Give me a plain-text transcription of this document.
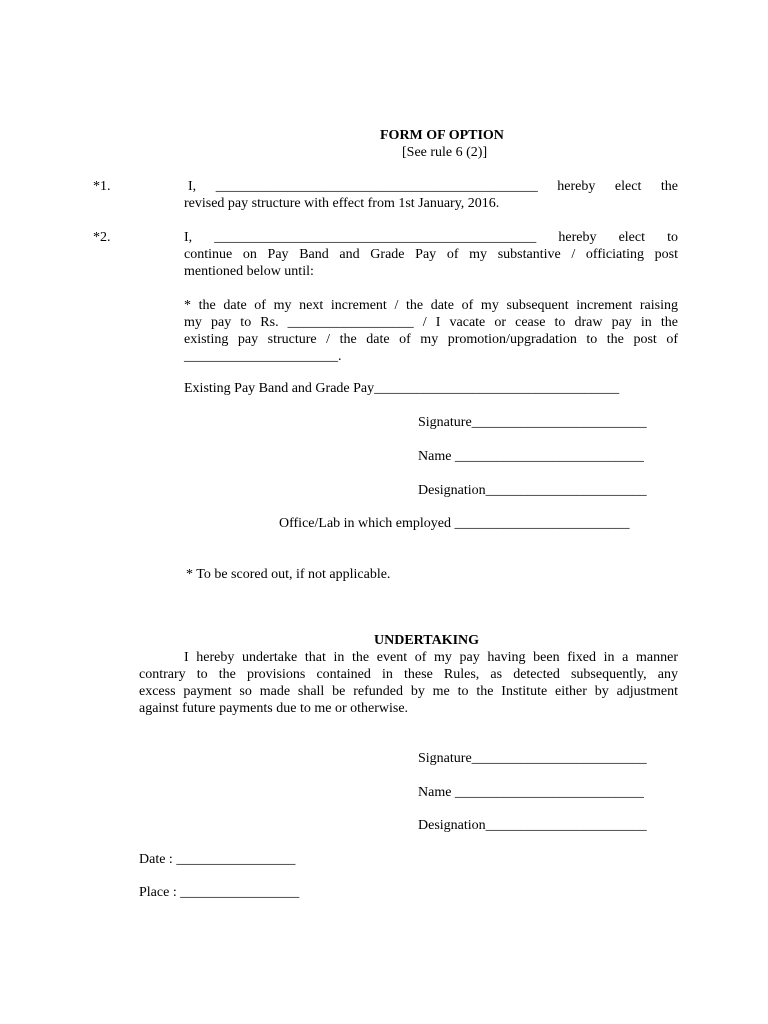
FORM OF OPTION
[See rule 6 (2)]
*1.	I, ______________________________________________ hereby elect the
revised pay structure with effect from 1st January, 2016.
*2.	I, ______________________________________________ hereby elect to
continue on Pay Band and Grade Pay of my substantive / officiating post
mentioned below until:
* the date of my next increment / the date of my subsequent increment raising
my pay to Rs. __________________ / I vacate or cease to draw pay in the
existing pay structure / the date of my promotion/upgradation to the post of
______________________.
Existing Pay Band and Grade Pay___________________________________
Signature_________________________
Name ___________________________
Designation_______________________
Office/Lab in which employed _________________________
* To be scored out, if not applicable.
UNDERTAKING
I hereby undertake that in the event of my pay having been fixed in a manner
contrary to the provisions contained in these Rules, as detected subsequently, any
excess payment so made shall be refunded by me to the Institute either by adjustment
against future payments due to me or otherwise.
Signature_________________________
Name ___________________________
Designation_______________________
Date : _________________
Place : _________________
